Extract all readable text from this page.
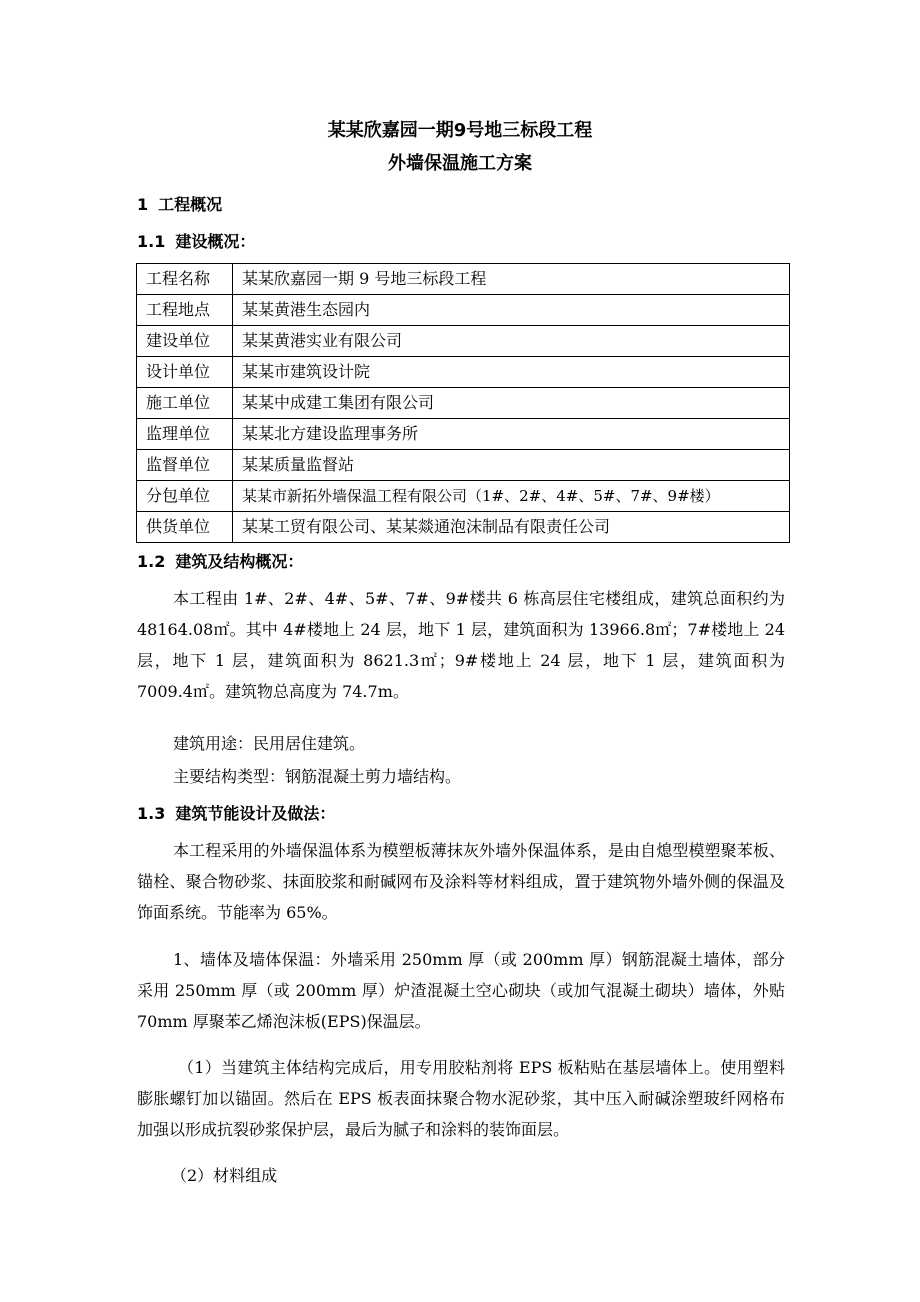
某某欣嘉园一期9号地三标段工程
外墙保温施工方案
1 工程概况
1.1 建设概况：
工程名称	某某欣嘉园一期 9 号地三标段工程
工程地点	某某黄港生态园内
建设单位	某某黄港实业有限公司
设计单位	某某市建筑设计院
施工单位	某某中成建工集团有限公司
监理单位	某某北方建设监理事务所
监督单位	某某质量监督站
分包单位	某某市新拓外墙保温工程有限公司（1#、2#、4#、5#、7#、9#楼）
供货单位	某某工贸有限公司、某某燚通泡沫制品有限责任公司
1.2 建筑及结构概况：
本工程由 1#、2#、4#、5#、7#、9#楼共 6 栋高层住宅楼组成，建筑总面积约为 48164.08㎡。其中 4#楼地上 24 层，地下 1 层，建筑面积为 13966.8㎡；7#楼地上 24 层，地下 1 层，建筑面积为 8621.3㎡；9#楼地上 24 层，地下 1 层，建筑面积为 7009.4㎡。建筑物总高度为 74.7m。
建筑用途：民用居住建筑。
主要结构类型：钢筋混凝土剪力墙结构。
1.3 建筑节能设计及做法：
本工程采用的外墙保温体系为模塑板薄抹灰外墙外保温体系，是由自熄型模塑聚苯板、锚栓、聚合物砂浆、抹面胶浆和耐碱网布及涂料等材料组成，置于建筑物外墙外侧的保温及饰面系统。节能率为 65%。
1、墙体及墙体保温：外墙采用 250mm 厚（或 200mm 厚）钢筋混凝土墙体，部分采用 250mm 厚（或 200mm 厚）炉渣混凝土空心砌块（或加气混凝土砌块）墙体，外贴 70mm 厚聚苯乙烯泡沫板(EPS)保温层。
（1）当建筑主体结构完成后，用专用胶粘剂将 EPS 板粘贴在基层墙体上。使用塑料膨胀螺钉加以锚固。然后在 EPS 板表面抹聚合物水泥砂浆，其中压入耐碱涂塑玻纤网格布加强以形成抗裂砂浆保护层，最后为腻子和涂料的装饰面层。
（2）材料组成
